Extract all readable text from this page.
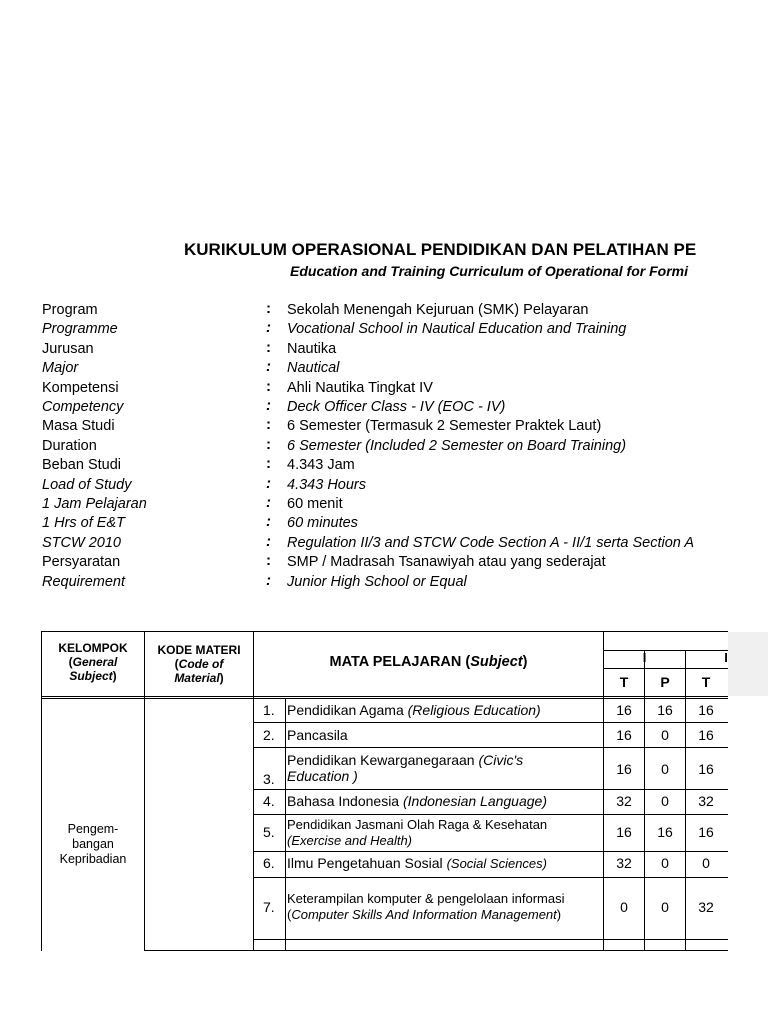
KURIKULUM OPERASIONAL PENDIDIKAN DAN PELATIHAN PE
Education and Training Curriculum of Operational for Formi
Program	: Sekolah Menengah Kejuruan (SMK) Pelayaran
Programme	: Vocational School in Nautical Education and Training
Jurusan	: Nautika
Major	: Nautical
Kompetensi	: Ahli Nautika Tingkat IV
Competency	: Deck Officer Class - IV (EOC - IV)
Masa Studi	: 6 Semester (Termasuk 2 Semester Praktek Laut)
Duration	: 6 Semester (Included 2 Semester on Board Training)
Beban Studi	: 4.343 Jam
Load of Study	: 4.343 Hours
1 Jam Pelajaran	: 60 menit
1 Hrs of E&T	: 60 minutes
STCW 2010	: Regulation II/3 and STCW Code Section A - II/1 serta Section A
Persyaratan	: SMP / Madrasah Tsanawiyah atau yang sederajat
Requirement	: Junior High School or Equal
KELOMPOK
(General
Subject)
KODE MATERI
(Code of
Material)
MATA PELAJARAN (Subject)	I	I
T	P	T
Pengem-
bangan
Kepribadian
1. Pendidikan Agama (Religious Education)	16	16	16
2. Pancasila	16	0	16
3.
Pendidikan Kewarganegaraan (Civic's
Education )	16	0	16
4. Bahasa Indonesia (Indonesian Language)	32	0	32
5. Pendidikan Jasmani Olah Raga & Kesehatan
(Exercise and Health)
16	16	16
6. Ilmu Pengetahuan Sosial (Social Sciences)	32	0	0
7.
Keterampilan komputer & pengelolaan informasi
(Computer Skills And Information Management)	0	0	32
